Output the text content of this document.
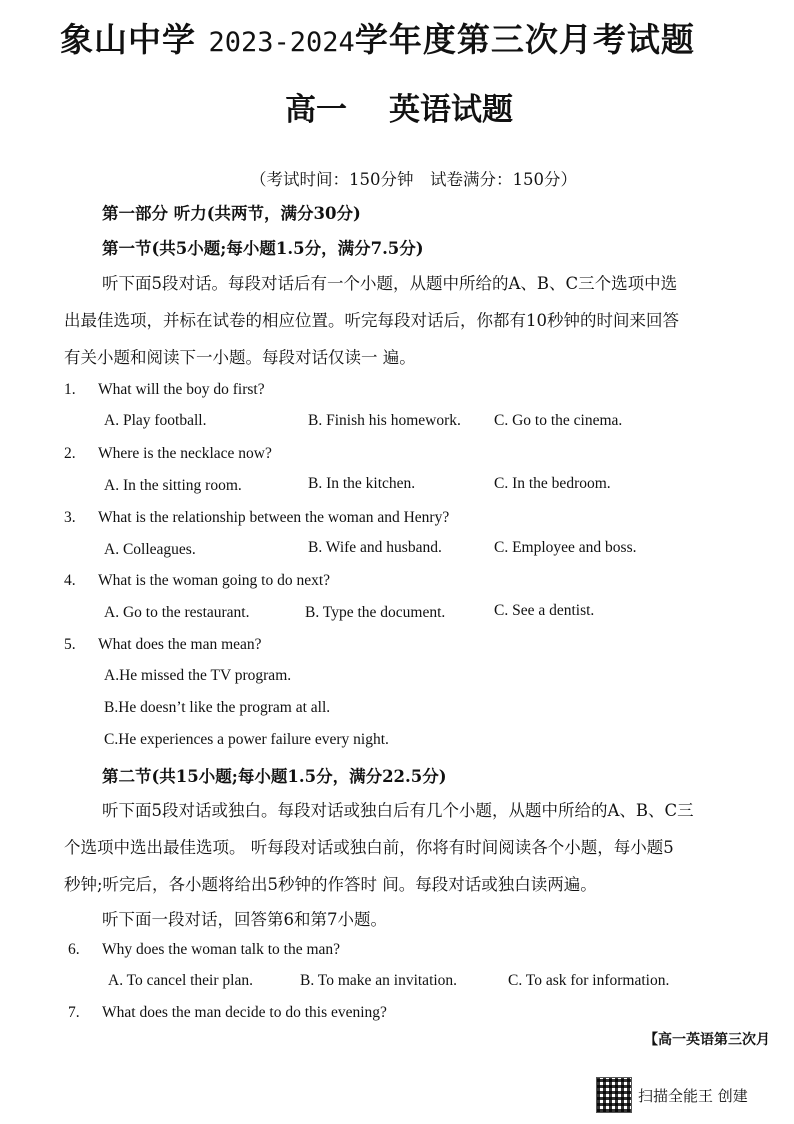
象山中学 2023-2024学年度第三次月考试题
高一 英语试题
（考试时间：150分钟　试卷满分：150分）
第一部分 听力(共两节，满分30分)
第一节(共5小题;每小题1.5分，满分7.5分)
听下面5段对话。每段对话后有一个小题，从题中所给的A、B、C三个选项中选
出最佳选项，并标在试卷的相应位置。听完每段对话后，你都有10秒钟的时间来回答
有关小题和阅读下一小题。每段对话仅读一 遍。
1. What will the boy do first?
A. Play football.	B. Finish his homework. C. Go to the cinema.
2. Where is the necklace now?
A. In the sitting room.	B. In the kitchen.	C. In the bedroom.
3. What is the relationship between the woman and Henry?
A. Colleagues.	B. Wife and husband.	C. Employee and boss.
4. What is the woman going to do next?
A. Go to the restaurant.	B. Type the document.	C. See a dentist.
5. What does the man mean?
A.He missed the TV program.
B.He doesn’t like the program at all.
C.He experiences a power failure every night.
第二节(共15小题;每小题1.5分，满分22.5分)
听下面5段对话或独白。每段对话或独白后有几个小题，从题中所给的A、B、C三
个选项中选出最佳选项。 听每段对话或独白前，你将有时间阅读各个小题，每小题5
秒钟;听完后，各小题将给出5秒钟的作答时 间。每段对话或独白读两遍。
听下面一段对话，回答第6和第7小题。
6. Why does the woman talk to the man?
A. To cancel their plan.	B. To make an invitation.	C. To ask for information.
7. What does the man decide to do this evening?
【高一英语第三次月
扫描全能王 创建
